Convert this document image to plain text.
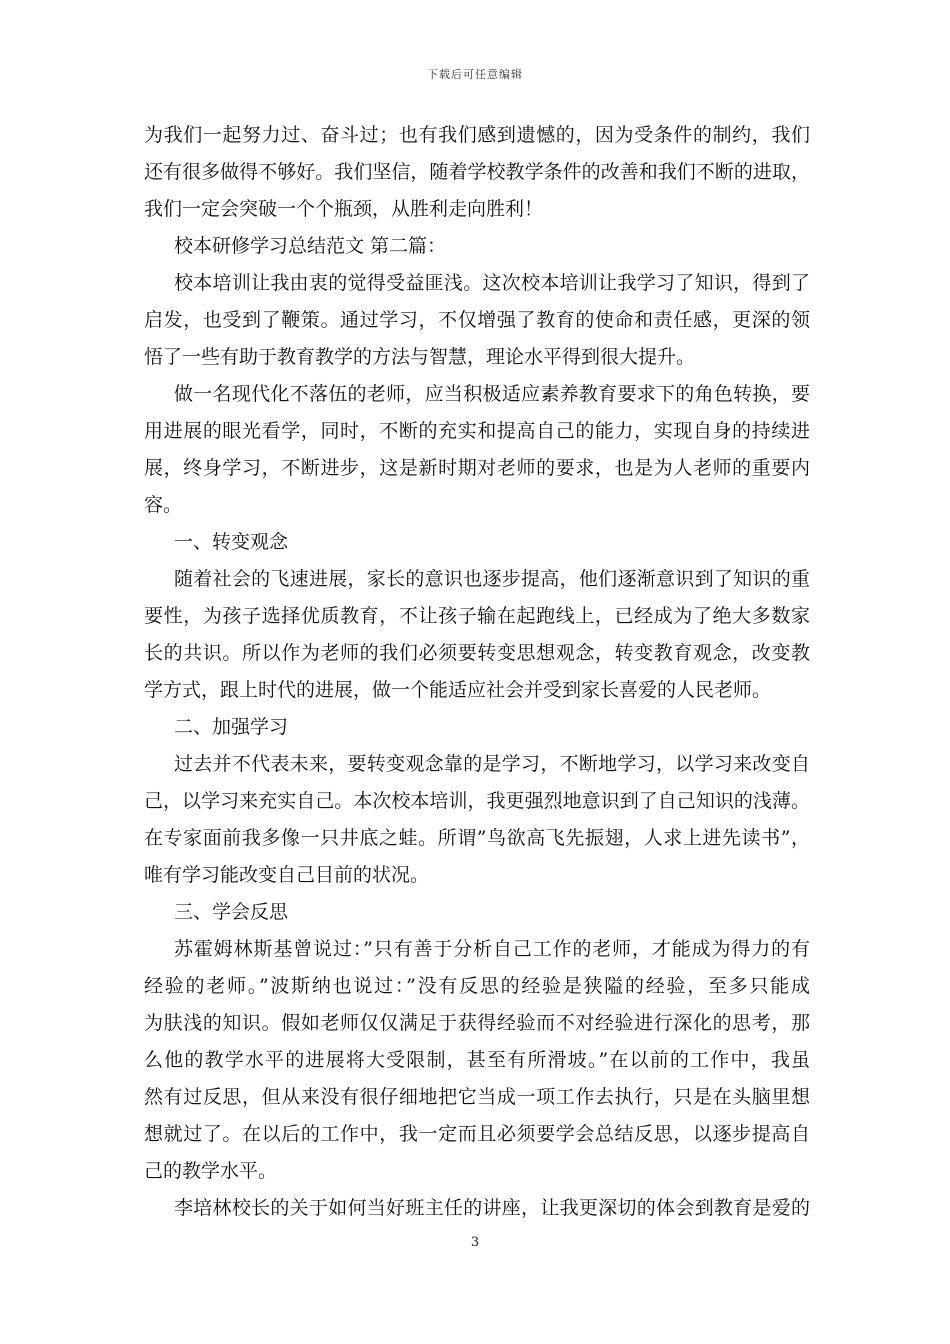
下载后可任意编辑
为我们一起努力过、奋斗过；也有我们感到遗憾的，因为受条件的制约，我们
还有很多做得不够好。我们坚信，随着学校教学条件的改善和我们不断的进取，
我们一定会突破一个个瓶颈，从胜利走向胜利！
校本研修学习总结范文 第二篇：
校本培训让我由衷的觉得受益匪浅。这次校本培训让我学习了知识，得到了
启发，也受到了鞭策。通过学习，不仅增强了教育的使命和责任感，更深的领
悟了一些有助于教育教学的方法与智慧，理论水平得到很大提升。
做一名现代化不落伍的老师，应当积极适应素养教育要求下的角色转换，要
用进展的眼光看学，同时，不断的充实和提高自己的能力，实现自身的持续进
展，终身学习，不断进步，这是新时期对老师的要求，也是为人老师的重要内
容。
一、转变观念
随着社会的飞速进展，家长的意识也逐步提高，他们逐渐意识到了知识的重
要性，为孩子选择优质教育，不让孩子输在起跑线上，已经成为了绝大多数家
长的共识。所以作为老师的我们必须要转变思想观念，转变教育观念，改变教
学方式，跟上时代的进展，做一个能适应社会并受到家长喜爱的人民老师。
二、加强学习
过去并不代表未来，要转变观念靠的是学习，不断地学习，以学习来改变自
己，以学习来充实自己。本次校本培训，我更强烈地意识到了自己知识的浅薄。
在专家面前我多像一只井底之蛙。所谓”鸟欲高飞先振翅，人求上进先读书”，
唯有学习能改变自己目前的状况。
三、学会反思
苏霍姆林斯基曾说过：”只有善于分析自己工作的老师，才能成为得力的有
经验的老师。”波斯纳也说过：”没有反思的经验是狭隘的经验，至多只能成
为肤浅的知识。假如老师仅仅满足于获得经验而不对经验进行深化的思考，那
么他的教学水平的进展将大受限制，甚至有所滑坡。”在以前的工作中，我虽
然有过反思，但从来没有很仔细地把它当成一项工作去执行，只是在头脑里想
想就过了。在以后的工作中，我一定而且必须要学会总结反思，以逐步提高自
己的教学水平。
李培林校长的关于如何当好班主任的讲座，让我更深切的体会到教育是爱的
3
